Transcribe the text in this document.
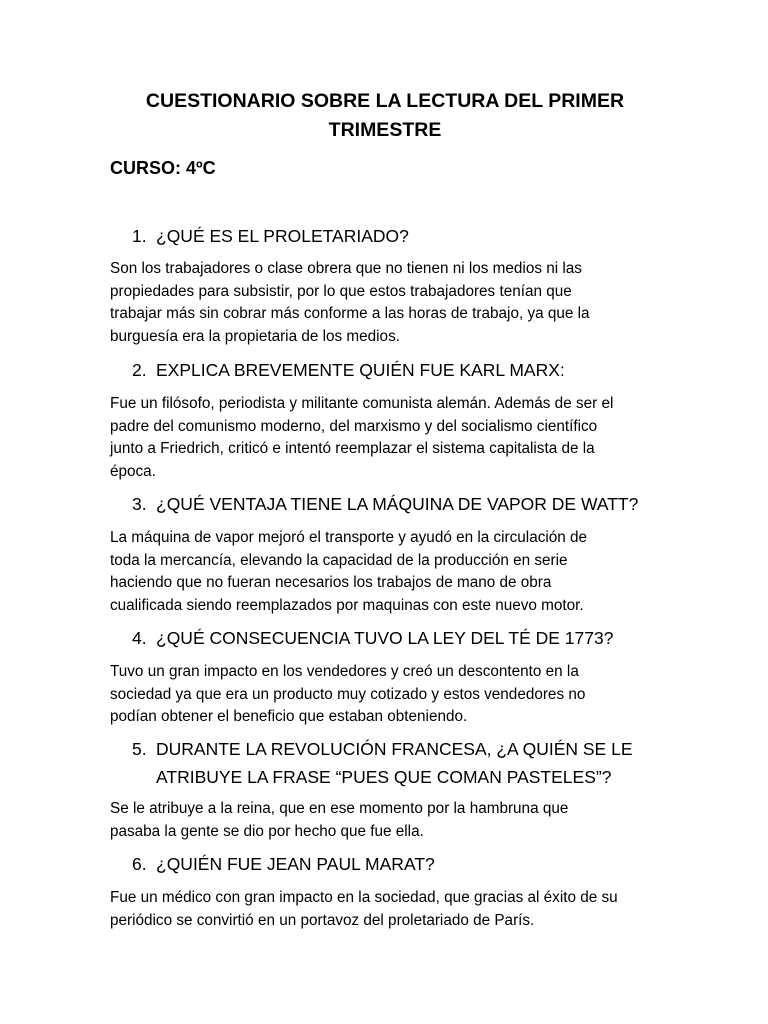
CUESTIONARIO SOBRE LA LECTURA DEL PRIMER
TRIMESTRE
CURSO: 4ºC
1. ¿QUÉ ES EL PROLETARIADO?
Son los trabajadores o clase obrera que no tienen ni los medios ni las
propiedades para subsistir, por lo que estos trabajadores tenían que
trabajar más sin cobrar más conforme a las horas de trabajo, ya que la
burguesía era la propietaria de los medios.
2. EXPLICA BREVEMENTE QUIÉN FUE KARL MARX:
Fue un filósofo, periodista y militante comunista alemán. Además de ser el
padre del comunismo moderno, del marxismo y del socialismo científico
junto a Friedrich, criticó e intentó reemplazar el sistema capitalista de la
época.
3. ¿QUÉ VENTAJA TIENE LA MÁQUINA DE VAPOR DE WATT?
La máquina de vapor mejoró el transporte y ayudó en la circulación de
toda la mercancía, elevando la capacidad de la producción en serie
haciendo que no fueran necesarios los trabajos de mano de obra
cualificada siendo reemplazados por maquinas con este nuevo motor.
4. ¿QUÉ CONSECUENCIA TUVO LA LEY DEL TÉ DE 1773?
Tuvo un gran impacto en los vendedores y creó un descontento en la
sociedad ya que era un producto muy cotizado y estos vendedores no
podían obtener el beneficio que estaban obteniendo.
5. DURANTE LA REVOLUCIÓN FRANCESA, ¿A QUIÉN SE LE
ATRIBUYE LA FRASE “PUES QUE COMAN PASTELES”?
Se le atribuye a la reina, que en ese momento por la hambruna que
pasaba la gente se dio por hecho que fue ella.
6. ¿QUIÉN FUE JEAN PAUL MARAT?
Fue un médico con gran impacto en la sociedad, que gracias al éxito de su
periódico se convirtió en un portavoz del proletariado de París.
